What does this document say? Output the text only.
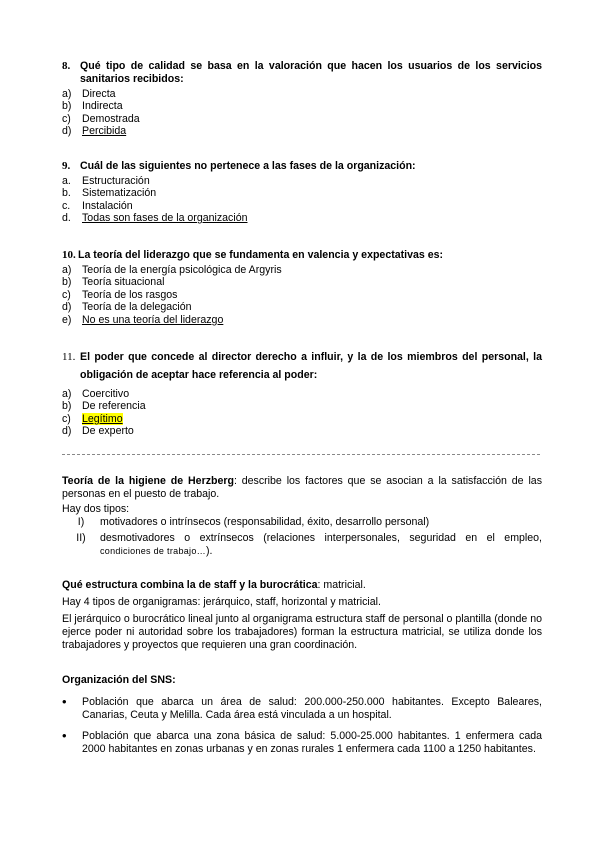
8. Qué tipo de calidad se basa en la valoración que hacen los usuarios de los servicios sanitarios recibidos:
a) Directa
b) Indirecta
c)	Demostrada
d) Percibida
9. Cuál de las siguientes no pertenece a las fases de la organización:
a.	Estructuración
b.	Sistematización
c.	Instalación
d.	Todas son fases de la organización
10. La teoría del liderazgo que se fundamenta en valencia y expectativas es:
a) Teoría de la energía psicológica de Argyris
b) Teoría situacional
c)	Teoría de los rasgos
d) Teoría de la delegación
e) No es una teoría del liderazgo
11. El poder que concede al director derecho a influir, y la de los miembros del personal, la obligación de aceptar hace referencia al poder:
a) Coercitivo
b) De referencia
c)	Legítimo
d) De experto
Teoría de la higiene de Herzberg: describe los factores que se asocian a la satisfacción de las personas en el puesto de trabajo.
Hay dos tipos:
I)	motivadores o intrínsecos (responsabilidad, éxito, desarrollo personal)
II)	desmotivadores o extrínsecos (relaciones interpersonales, seguridad en el empleo, condiciones de trabajo…).
Qué estructura combina la de staff y la burocrática: matricial.
Hay 4 tipos de organigramas: jerárquico, staff, horizontal y matricial.
El jerárquico o burocrático lineal junto al organigrama estructura staff de personal o plantilla (donde no ejerce poder ni autoridad sobre los trabajadores) forman la estructura matricial, se utiliza donde los trabajadores y proyectos que requieren una gran coordinación.
Organización del SNS:
•	Población que abarca un área de salud: 200.000-250.000 habitantes. Excepto Baleares, Canarias, Ceuta y Melilla. Cada área está vinculada a un hospital.
•	Población que abarca una zona básica de salud: 5.000-25.000 habitantes. 1 enfermera cada 2000 habitantes en zonas urbanas y en zonas rurales 1 enfermera cada 1100 a 1250 habitantes.
